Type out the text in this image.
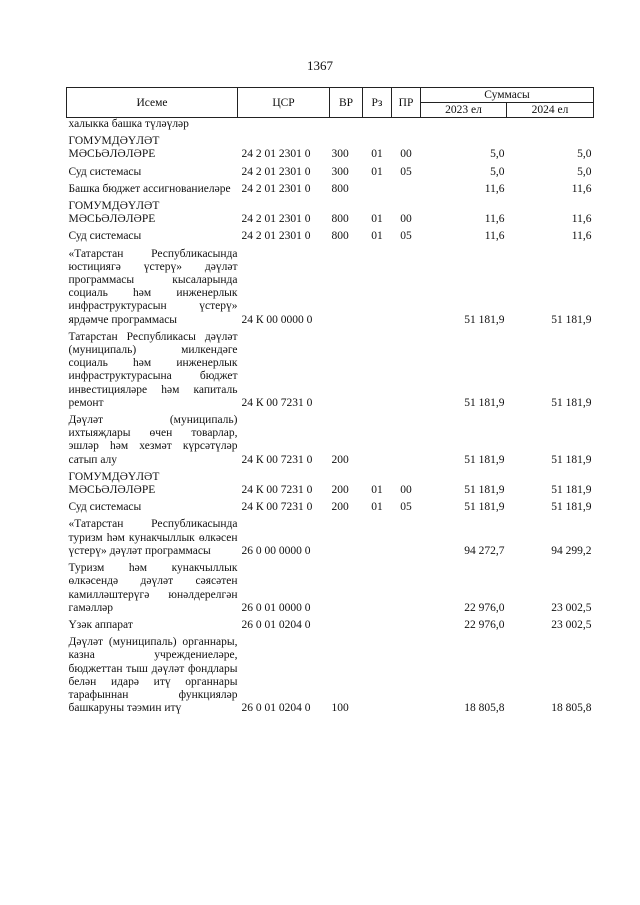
1367
Исеме	ЦСР	ВР	Рз	ПР	Суммасы	
					2023 ел	2024 ел
халыкка башка түләүләр						
ГОМУМДӘҮЛӘТ МӘСЬӘЛӘЛӘРЕ	24 2 01 2301 0	300	01	00	5,0	5,0
Суд системасы	24 2 01 2301 0	300	01	05	5,0	5,0
Башка бюджет ассигнованиеләре	24 2 01 2301 0	800			11,6	11,6
ГОМУМДӘҮЛӘТ МӘСЬӘЛӘЛӘРЕ	24 2 01 2301 0	800	01	00	11,6	11,6
Суд системасы	24 2 01 2301 0	800	01	05	11,6	11,6
«Татарстан Республикасында юстициягә үстерү» дәүләт программасы кысаларында социаль һәм инженерлык инфраструктурасын үстерү» ярдәмче программасы	24 К 00 0000 0				51 181,9	51 181,9
Татарстан Республикасы дәүләт (муниципаль) милкендәге социаль һәм инженерлык инфраструктурасына бюджет инвестицияләре һәм капиталь ремонт	24 К 00 7231 0				51 181,9	51 181,9
Дәүләт (муниципаль) ихтыяҗлары өчен товарлар, эшләр һәм хезмәт күрсәтүләр сатып алу	24 К 00 7231 0	200			51 181,9	51 181,9
ГОМУМДӘҮЛӘТ МӘСЬӘЛӘЛӘРЕ	24 К 00 7231 0	200	01	00	51 181,9	51 181,9
Суд системасы	24 К 00 7231 0	200	01	05	51 181,9	51 181,9
«Татарстан Республикасында туризм һәм кунакчыллык өлкәсен үстерү» дәүләт программасы	26 0 00 0000 0				94 272,7	94 299,2
Туризм һәм кунакчыллык өлкәсендә дәүләт сәясәтен камилләштерүгә юнәлдерелгән гамәлләр	26 0 01 0000 0				22 976,0	23 002,5
Үзәк аппарат	26 0 01 0204 0				22 976,0	23 002,5
Дәүләт (муниципаль) органнары, казна учреждениеләре, бюджеттан тыш дәүләт фондлары белән идарә итү органнары тарафыннан функцияләр башкаруны тәэмин итү	26 0 01 0204 0	100			18 805,8	18 805,8
